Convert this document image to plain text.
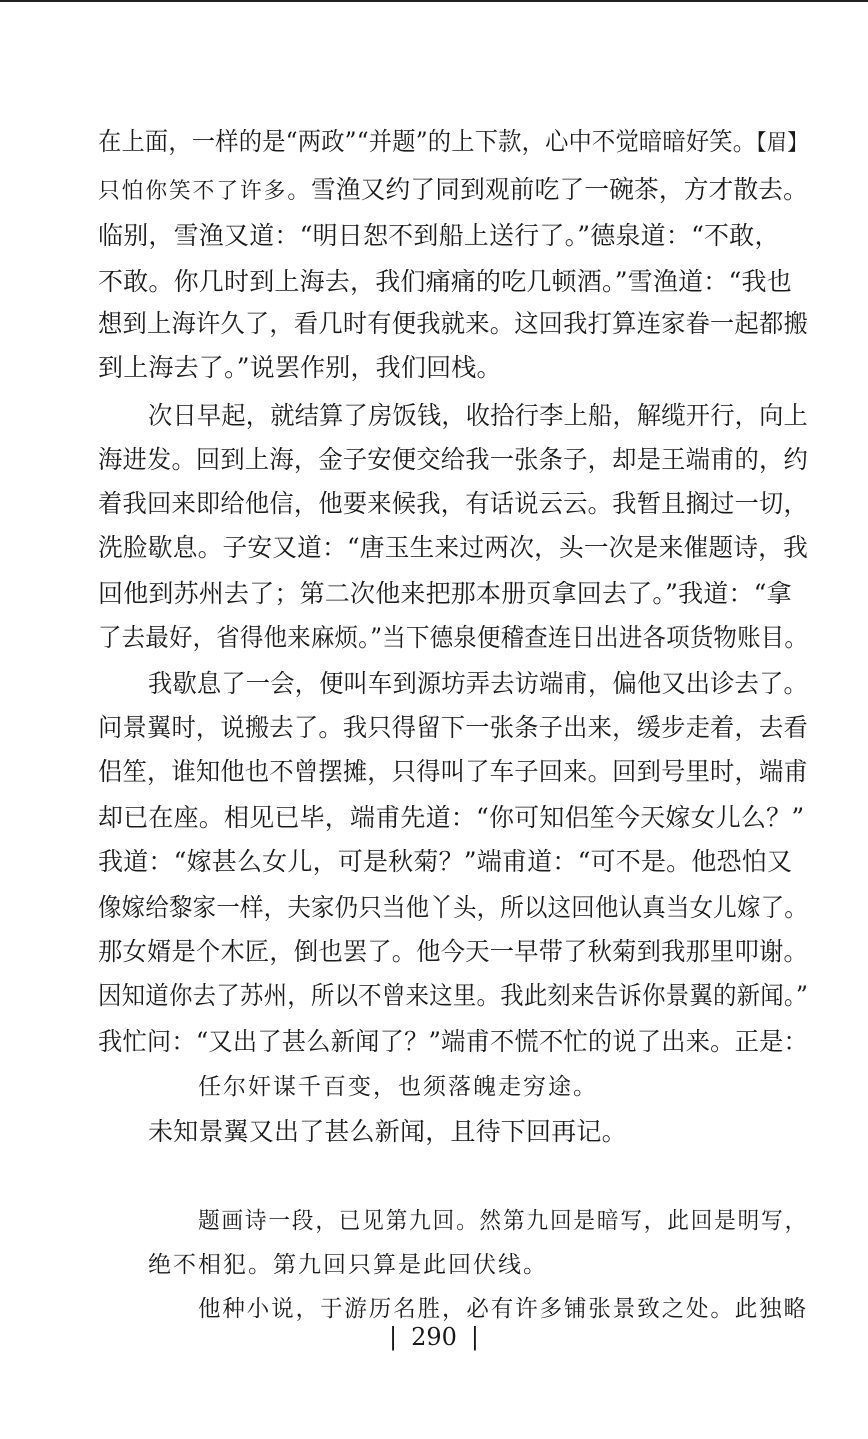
在上面，一样的是“两政”“并题”的上下款，心中不觉暗暗好笑。【眉】

只怕你笑不了许多。雪渔又约了同到观前吃了一碗茶，方才散去。

临别，雪渔又道：“明日恕不到船上送行了。”德泉道：“不敢，

不敢。你几时到上海去，我们痛痛的吃几顿酒。”雪渔道：“我也

想到上海许久了，看几时有便我就来。这回我打算连家眷一起都搬

到上海去了。”说罢作别，我们回栈。

次日早起，就结算了房饭钱，收拾行李上船，解缆开行，向上

海进发。回到上海，金子安便交给我一张条子，却是王端甫的，约

着我回来即给他信，他要来候我，有话说云云。我暂且搁过一切，

洗脸歇息。子安又道：“唐玉生来过两次，头一次是来催题诗，我

回他到苏州去了；第二次他来把那本册页拿回去了。”我道：“拿

了去最好，省得他来麻烦。”当下德泉便稽查连日出进各项货物账目。

我歇息了一会，便叫车到源坊弄去访端甫，偏他又出诊去了。

问景翼时，说搬去了。我只得留下一张条子出来，缓步走着，去看

侣笙，谁知他也不曾摆摊，只得叫了车子回来。回到号里时，端甫

却已在座。相见已毕，端甫先道：“你可知侣笙今天嫁女儿么？”

我道：“嫁甚么女儿，可是秋菊？”端甫道：“可不是。他恐怕又

像嫁给黎家一样，夫家仍只当他丫头，所以这回他认真当女儿嫁了。

那女婿是个木匠，倒也罢了。他今天一早带了秋菊到我那里叩谢。

因知道你去了苏州，所以不曾来这里。我此刻来告诉你景翼的新闻。”

我忙问：“又出了甚么新闻了？”端甫不慌不忙的说了出来。正是：

任尔奸谋千百变，也须落魄走穷途。

未知景翼又出了甚么新闻，且待下回再记。

题画诗一段，已见第九回。然第九回是暗写，此回是明写，

绝不相犯。第九回只算是此回伏线。

他种小说，于游历名胜，必有许多铺张景致之处。此独略

| 290 |
